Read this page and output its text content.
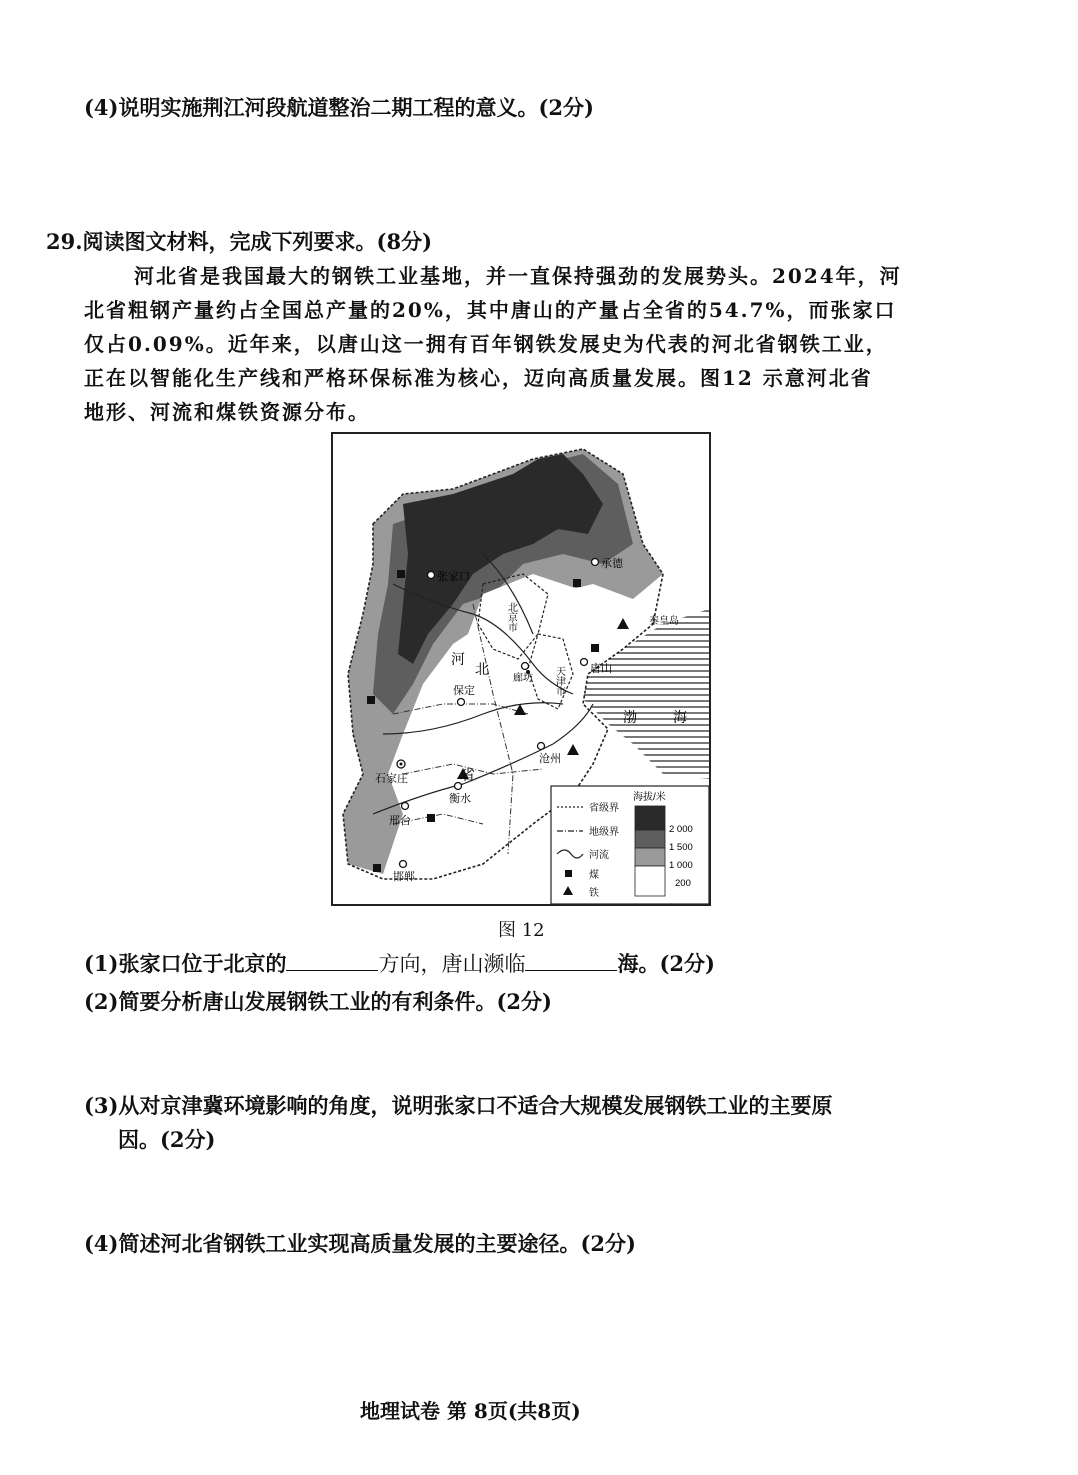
(4)说明实施荆江河段航道整治二期工程的意义。(2分)
29.阅读图文材料，完成下列要求。(8分)
河北省是我国最大的钢铁工业基地，并一直保持强劲的发展势头。2024年，河
北省粗钢产量约占全国总产量的20%，其中唐山的产量占全省的54.7%，而张家口
仅占0.09%。近年来，以唐山这一拥有百年钢铁发展史为代表的河北省钢铁工业，
正在以智能化生产线和严格环保标准为核心，迈向高质量发展。图12 示意河北省
地形、河流和煤铁资源分布。
张家口
承德
唐山
秦皇岛
廊坊
保定
沧州
石家庄
衡水
邢台
邯郸
北京市
天津市
河
北
省
渤	海
省级界
地级界
河流
煤
铁
海拔/米
2 000
1 500
1 000
200
图 12
(1)张家口位于北京的	方向，唐山濒临	海。(2分)
(2)简要分析唐山发展钢铁工业的有利条件。(2分)
(3)从对京津冀环境影响的角度，说明张家口不适合大规模发展钢铁工业的主要原
因。(2分)
(4)简述河北省钢铁工业实现高质量发展的主要途径。(2分)
地理试卷 第 8页(共8页)
